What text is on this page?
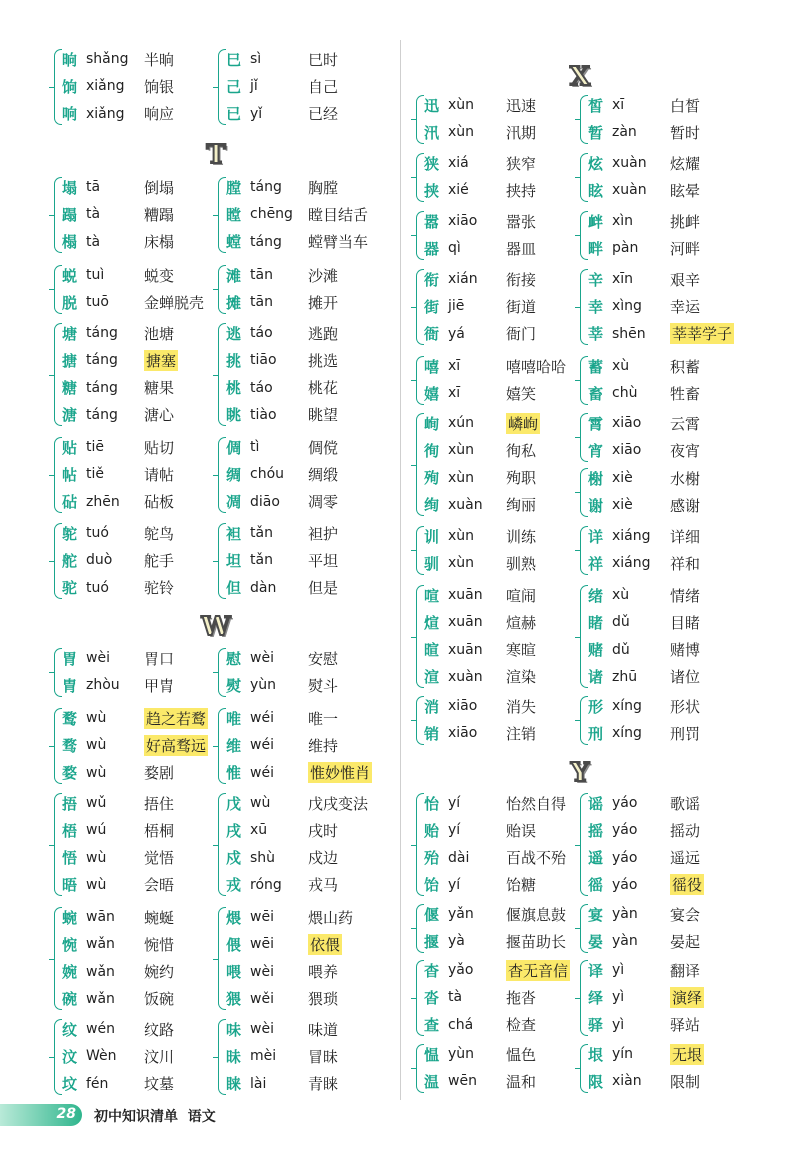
T
W
X
Y
晌 shǎng	半晌
饷 xiǎng	饷银
响 xiǎng	响应
塌 tā	倒塌
蹋 tà	糟蹋
榻 tà	床榻
蜕 tuì	蜕变
脱 tuō	金蝉脱壳
塘 táng	池塘
搪 táng	搪塞
糖 táng	糖果
溏 táng	溏心
贴 tiē	贴切
帖 tiě	请帖
砧 zhēn	砧板
鸵 tuó	鸵鸟
舵 duò	舵手
驼 tuó	驼铃
胃 wèi	胃口
胄 zhòu	甲胄
鹜 wù	趋之若鹜
骛 wù	好高骛远
婺 wù	婺剧
捂 wǔ	捂住
梧 wú	梧桐
悟 wù	觉悟
晤 wù	会晤
蜿 wān	蜿蜒
惋 wǎn	惋惜
婉 wǎn	婉约
碗 wǎn	饭碗
纹 wén	纹路
汶 Wèn	汶川
坟 fén	坟墓
巳 sì	巳时
己 jǐ	自己
已 yǐ	已经
膛 táng	胸膛
瞠 chēng	瞠目结舌
螳 táng	螳臂当车
滩 tān	沙滩
摊 tān	摊开
逃 táo	逃跑
挑 tiāo	挑选
桃 táo	桃花
眺 tiào	眺望
倜 tì	倜傥
绸 chóu	绸缎
凋 diāo	凋零
袒 tǎn	袒护
坦 tǎn	平坦
但 dàn	但是
慰 wèi	安慰
熨 yùn	熨斗
唯 wéi	唯一
维 wéi	维持
惟 wéi	惟妙惟肖
戊 wù	戊戌变法
戌 xū	戌时
戍 shù	戍边
戎 róng	戎马
煨 wēi	煨山药
偎 wēi	依偎
喂 wèi	喂养
猥 wěi	猥琐
味 wèi	味道
昧 mèi	冒昧
睐 lài	青睐
迅 xùn	迅速
汛 xùn	汛期
狭 xiá	狭窄
挟 xié	挟持
嚣 xiāo	嚣张
器 qì	器皿
衔 xián	衔接
街 jiē	街道
衙 yá	衙门
嘻 xī	嘻嘻哈哈
嬉 xī	嬉笑
峋 xún	嶙峋
徇 xùn	徇私
殉 xùn	殉职
绚 xuàn	绚丽
训 xùn	训练
驯 xùn	驯熟
喧 xuān	喧闹
煊 xuān	煊赫
暄 xuān	寒暄
渲 xuàn	渲染
消 xiāo	消失
销 xiāo	注销
怡 yí	怡然自得
贻 yí	贻误
殆 dài	百战不殆
饴 yí	饴糖
偃 yǎn	偃旗息鼓
揠 yà	揠苗助长
杳 yǎo	杳无音信
沓 tà	拖沓
查 chá	检查
愠 yùn	愠色
温 wēn	温和
皙 xī	白皙
暂 zàn	暂时
炫 xuàn	炫耀
眩 xuàn	眩晕
衅 xìn	挑衅
畔 pàn	河畔
辛 xīn	艰辛
幸 xìng	幸运
莘 shēn	莘莘学子
蓄 xù	积蓄
畜 chù	牲畜
霄 xiāo	云霄
宵 xiāo	夜宵
榭 xiè	水榭
谢 xiè	感谢
详 xiáng	详细
祥 xiáng	祥和
绪 xù	情绪
睹 dǔ	目睹
赌 dǔ	赌博
诸 zhū	诸位
形 xíng	形状
刑 xíng	刑罚
谣 yáo	歌谣
摇 yáo	摇动
遥 yáo	遥远
徭 yáo	徭役
宴 yàn	宴会
晏 yàn	晏起
译 yì	翻译
绎 yì	演绎
驿 yì	驿站
垠 yín	无垠
限 xiàn	限制
28 初中知识清单 语文
